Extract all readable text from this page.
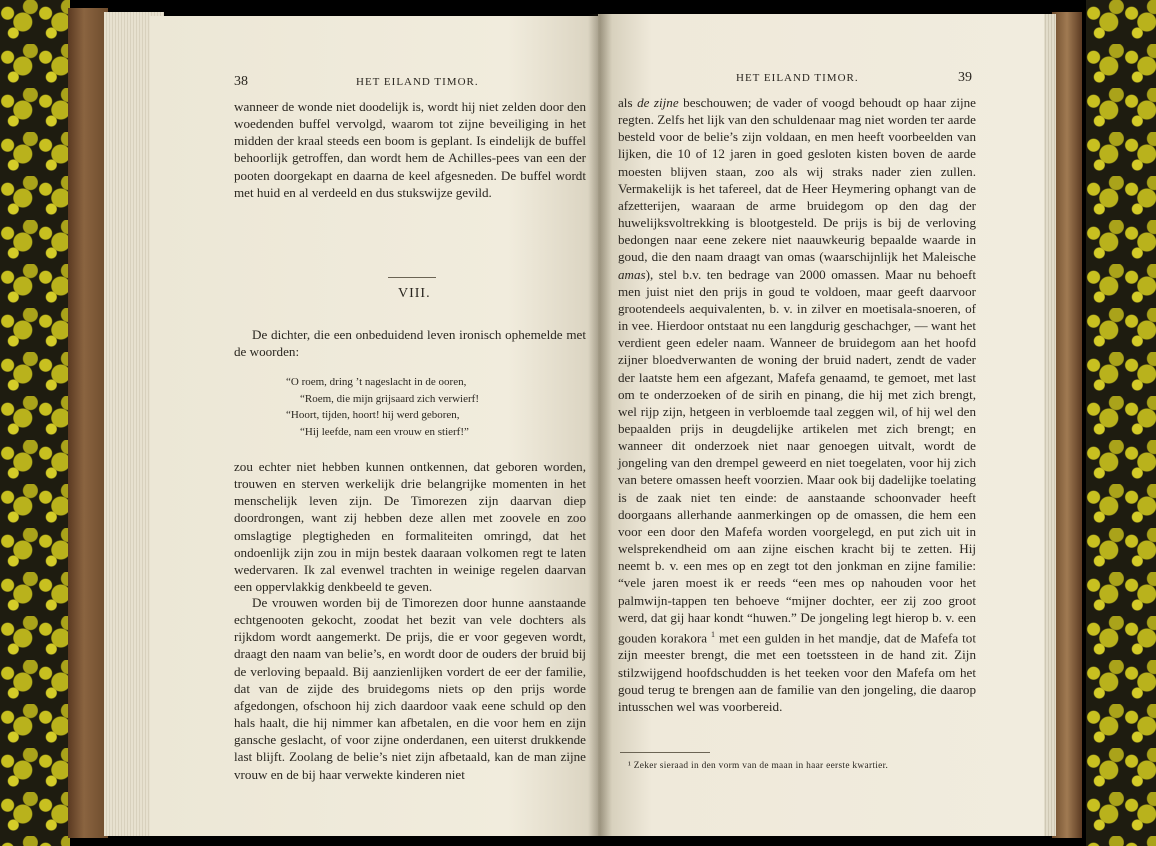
38	HET EILAND TIMOR.

wanneer de wonde niet doodelijk is, wordt hij niet zelden door den woedenden buffel vervolgd, waarom tot zijne beveiliging in het midden der kraal steeds een boom is geplant. Is eindelijk de buffel behoorlijk getroffen, dan wordt hem de Achilles-pees van een der pooten doorgekapt en daarna de keel afgesneden. De buffel wordt met huid en al verdeeld en dus stukswijze gevild.

VIII.

De dichter, die een onbeduidend leven ironisch ophemelde met de woorden:

“O roem, dring ’t nageslacht in de ooren,
“Roem, die mijn grijsaard zich verwierf!
“Hoort, tijden, hoort! hij werd geboren,
“Hij leefde, nam een vrouw en stierf!”

zou echter niet hebben kunnen ontkennen, dat geboren worden, trouwen en sterven werkelijk drie belangrijke momenten in het menschelijk leven zijn. De Timorezen zijn daarvan diep doordrongen, want zij hebben deze allen met zoovele en zoo omslagtige plegtigheden en formaliteiten omringd, dat het ondoenlijk zijn zou in mijn bestek daaraan volkomen regt te laten wedervaren. Ik zal evenwel trachten in weinige regelen daarvan een oppervlakkig denkbeeld te geven.

De vrouwen worden bij de Timorezen door hunne aanstaande echtgenooten gekocht, zoodat het bezit van vele dochters als rijkdom wordt aangemerkt. De prijs, die er voor gegeven wordt, draagt den naam van belie’s, en wordt door de ouders der bruid bij de verloving bepaald. Bij aanzienlijken vordert de eer der familie, dat van de zijde des bruidegoms niets op den prijs worde afgedongen, ofschoon hij zich daardoor vaak eene schuld op den hals haalt, die hij nimmer kan afbetalen, en die voor hem en zijn gansche geslacht, of voor zijne onderdanen, een uiterst drukkende last blijft. Zoolang de belie’s niet zijn afbetaald, kan de man zijne vrouw en de bij haar verwekte kinderen niet

HET EILAND TIMOR.	39

als de zijne beschouwen; de vader of voogd behoudt op haar zijne regten. Zelfs het lijk van den schuldenaar mag niet worden ter aarde besteld voor de belie’s zijn voldaan, en men heeft voorbeelden van lijken, die 10 of 12 jaren in goed gesloten kisten boven de aarde moesten blijven staan, zoo als wij straks nader zien zullen. Vermakelijk is het tafereel, dat de Heer Heymering ophangt van de afzetterijen, waaraan de arme bruidegom op den dag der huwelijksvoltrekking is blootgesteld. De prijs is bij de verloving bedongen naar eene zekere niet naauwkeurig bepaalde waarde in goud, die den naam draagt van omas (waarschijnlijk het Maleische amas), stel b.v. ten bedrage van 2000 omassen. Maar nu behoeft men juist niet den prijs in goud te voldoen, maar geeft daarvoor grootendeels aequivalenten, b. v. in zilver en moetisala-snoeren, of in vee. Hierdoor ontstaat nu een langdurig geschachger, — want het verdient geen edeler naam. Wanneer de bruidegom aan het hoofd zijner bloedverwanten de woning der bruid nadert, zendt de vader der laatste hem een afgezant, Mafefa genaamd, te gemoet, met last om te onderzoeken of de sirih en pinang, die hij met zich brengt, wel rijp zijn, hetgeen in verbloemde taal zeggen wil, of hij wel den bepaalden prijs in deugdelijke artikelen met zich brengt; en wanneer dit onderzoek niet naar genoegen uitvalt, wordt de jongeling van den drempel geweerd en niet toegelaten, voor hij zich van betere omassen heeft voorzien. Maar ook bij dadelijke toelating is de zaak niet ten einde: de aanstaande schoonvader heeft doorgaans allerhande aanmerkingen op de omassen, die hem een voor een door den Mafefa worden voorgelegd, en put zich uit in welsprekendheid om aan zijne eischen kracht bij te zetten. Hij neemt b. v. een mes op en zegt tot den jonkman en zijne familie: “vele jaren moest ik er reeds “een mes op nahouden voor het palmwijn-tappen ten behoeve “mijner dochter, eer zij zoo groot werd, dat gij haar kondt “huwen.” De jongeling legt hierop b. v. een gouden korakora $^1$ met een gulden in het mandje, dat de Mafefa tot zijn meester brengt, die met een toetssteen in de hand zit. Zijn stilzwijgend hoofdschudden is het teeken voor den Mafefa om het goud terug te brengen aan de familie van den jongeling, die daarop intusschen wel was voorbereid.

¹ Zeker sieraad in den vorm van de maan in haar eerste kwartier.
